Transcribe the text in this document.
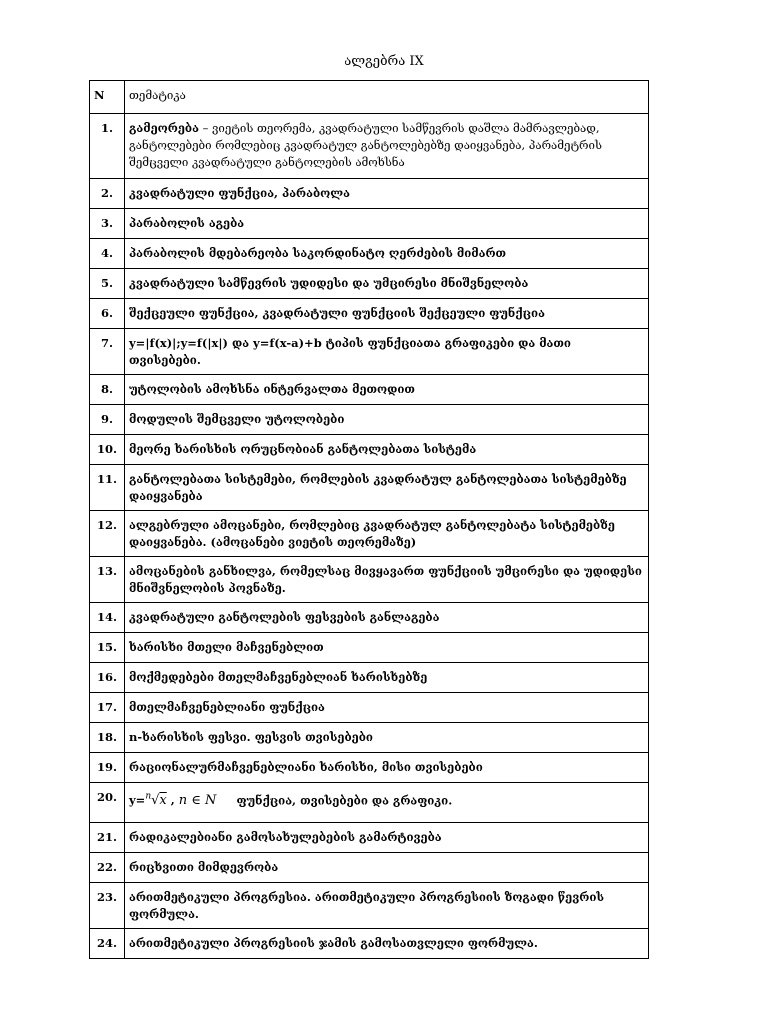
ალგებრა IX
N	თემატიკა
1.	გამეორება – ვიეტის თეორემა, კვადრატული სამწევრის დაშლა მამრავლებად, განტოლებები რომლებიც კვადრატულ განტოლებებზე დაიყვანება, პარამეტრის შემცველი კვადრატული განტოლების ამოხსნა
2.	კვადრატული ფუნქცია, პარაბოლა
3.	პარაბოლის აგება
4.	პარაბოლის მდებარეობა საკორდინატო ღერძების მიმართ
5.	კვადრატული სამწევრის უდიდესი და უმცირესი მნიშვნელობა
6.	შექცეული ფუნქცია, კვადრატული ფუნქციის შექცეული ფუნქცია
7.	y=|f(x)|;y=f(|x|) და y=f(x-a)+b ტიპის ფუნქციათა გრაფიკები და მათი თვისებები.
8.	უტოლობის ამოხსნა ინტერვალთა მეთოდით
9.	მოდულის შემცველი უტოლობები
10.	მეორე ხარისხის ორუცნობიან განტოლებათა სისტემა
11.	განტოლებათა სისტემები, რომლების კვადრატულ განტოლებათა სისტემებზე დაიყვანება
12.	ალგებრული ამოცანები, რომლებიც კვადრატულ განტოლებატა სისტემებზე დაიყვანება. (ამოცანები ვიეტის თეორემაზე)
13.	ამოცანების განხილვა, რომელსაც მივყავართ ფუნქციის უმცირესი და უდიდესი მნიშვნელობის პოვნაზე.
14.	კვადრატული განტოლების ფესვების განლაგება
15.	ხარისხი მთელი მაჩვენებლით
16.	მოქმედებები მთელმაჩვენებლიან ხარისხებზე
17.	მთელმაჩვენებლიანი ფუნქცია
18.	n-ხარისხის ფესვი. ფესვის თვისებები
19.	რაციონალურმაჩვენებლიანი ხარისხი, მისი თვისებები
20.	y=$^n$√x , n ∈ N ფუნქცია, თვისებები და გრაფიკი.
21.	რადიკალებიანი გამოსახულებების გამარტივება
22.	რიცხვითი მიმდევრობა
23.	არითმეტიკული პროგრესია. არითმეტიკული პროგრესიის ზოგადი წევრის ფორმულა.
24.	არითმეტიკული პროგრესიის ჯამის გამოსათვლელი ფორმულა.
